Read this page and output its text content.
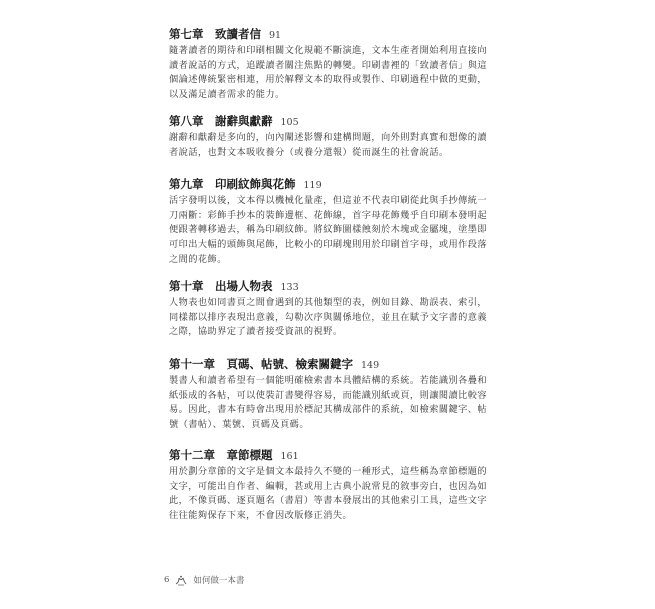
第七章　致讀者信 91

隨著讀者的期待和印刷相關文化規範不斷演進，文本生產者開始利用直接向

讀者說話的方式，追蹤讀者關注焦點的轉變。印刷書裡的「致讀者信」與這

個論述傳統緊密相連，用於解釋文本的取得或製作、印刷過程中做的更動，

以及滿足讀者需求的能力。

第八章　謝辭與獻辭 105

謝辭和獻辭是多向的，向內闡述影響和建構問題，向外則對真實和想像的讀

者說話，也對文本吸收養分（或養分還報）從而誕生的社會說話。

第九章　印刷紋飾與花飾 119

活字發明以後，文本得以機械化量產，但這並不代表印刷從此與手抄傳統一

刀兩斷：彩飾手抄本的裝飾邊框、花飾線，首字母花飾幾乎自印刷本發明起

便跟著轉移過去，稱為印刷紋飾。將紋飾圖樣蝕刻於木塊或金屬塊，塗墨即

可印出大幅的頭飾與尾飾，比較小的印刷塊則用於印刷首字母，或用作段落

之間的花飾。

第十章　出場人物表 133

人物表也如同書頁之間會遇到的其他類型的表，例如目錄、勘誤表、索引，

同樣都以排序表現出意義，勾勒次序與關係地位，並且在賦予文字書的意義

之際，協助界定了讀者接受資訊的視野。

第十一章　頁碼、帖號、檢索關鍵字 149

製書人和讀者希望有一個能明確檢索書本具體結構的系統。若能識別各疊和

紙張成的各帖，可以使裝訂書變得容易，而能識別紙或頁，則讓閱讀比較容

易。因此，書本有時會出現用於標記其構成部件的系統，如檢索關鍵字、帖

號（書帖）、葉號、頁碼及頁碼。

第十二章　章節標題 161

用於劃分章節的文字是個文本最持久不變的一種形式，這些稱為章節標題的

文字，可能出自作者、編輯，甚或用上古典小說常見的敘事旁白，也因為如

此，不像頁碼、逐頁題名（書眉）等書本發展出的其他索引工具，這些文字

往往能夠保存下來，不會因改版修正消失。

6	如何做一本書
